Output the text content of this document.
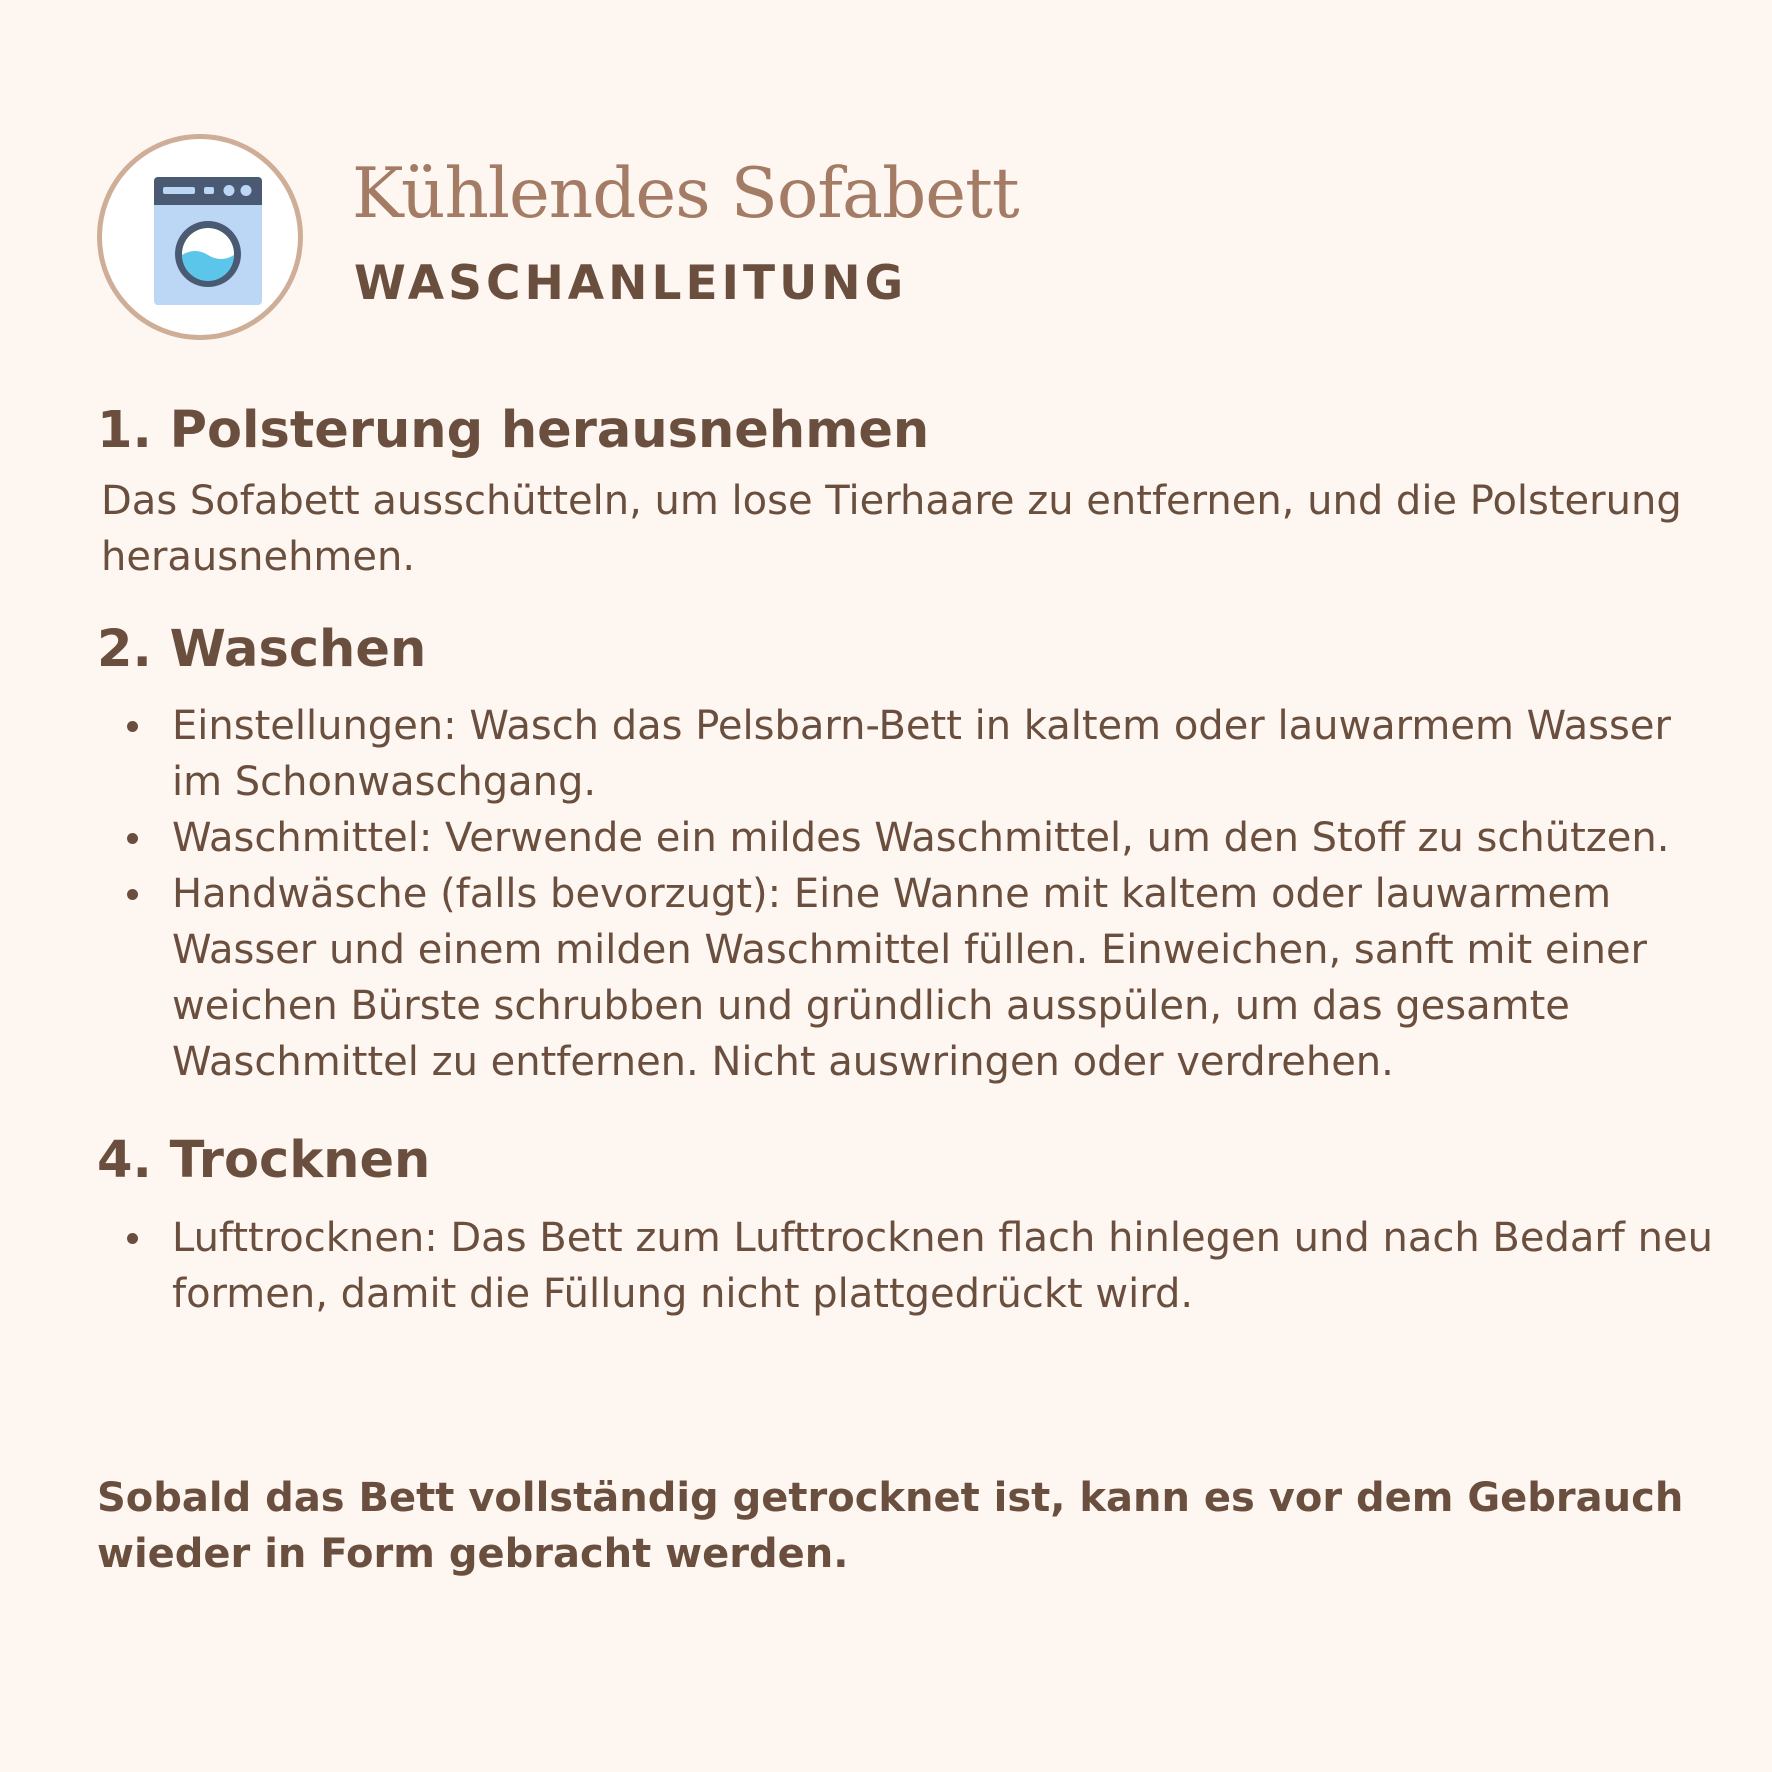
Kühlendes Sofabett
WASCHANLEITUNG
1. Polsterung herausnehmen

Das Sofabett ausschütteln, um lose Tierhaare zu entfernen, und die Polsterung herausnehmen.

2. Waschen
Einstellungen: Wasch das Pelsbarn-Bett in kaltem oder lauwarmem Wasser im Schonwaschgang.
Waschmittel: Verwende ein mildes Waschmittel, um den Stoff zu schützen.
Handwäsche (falls bevorzugt): Eine Wanne mit kaltem oder lauwarmem Wasser und einem milden Waschmittel füllen. Einweichen, sanft mit einer weichen Bürste schrubben und gründlich ausspülen, um das gesamte Waschmittel zu entfernen. Nicht auswringen oder verdrehen.
4. Trocknen
Lufttrocknen: Das Bett zum Lufttrocknen flach hinlegen und nach Bedarf neu formen, damit die Füllung nicht plattgedrückt wird.
Sobald das Bett vollständig getrocknet ist, kann es vor dem Gebrauch wieder in Form gebracht werden.
